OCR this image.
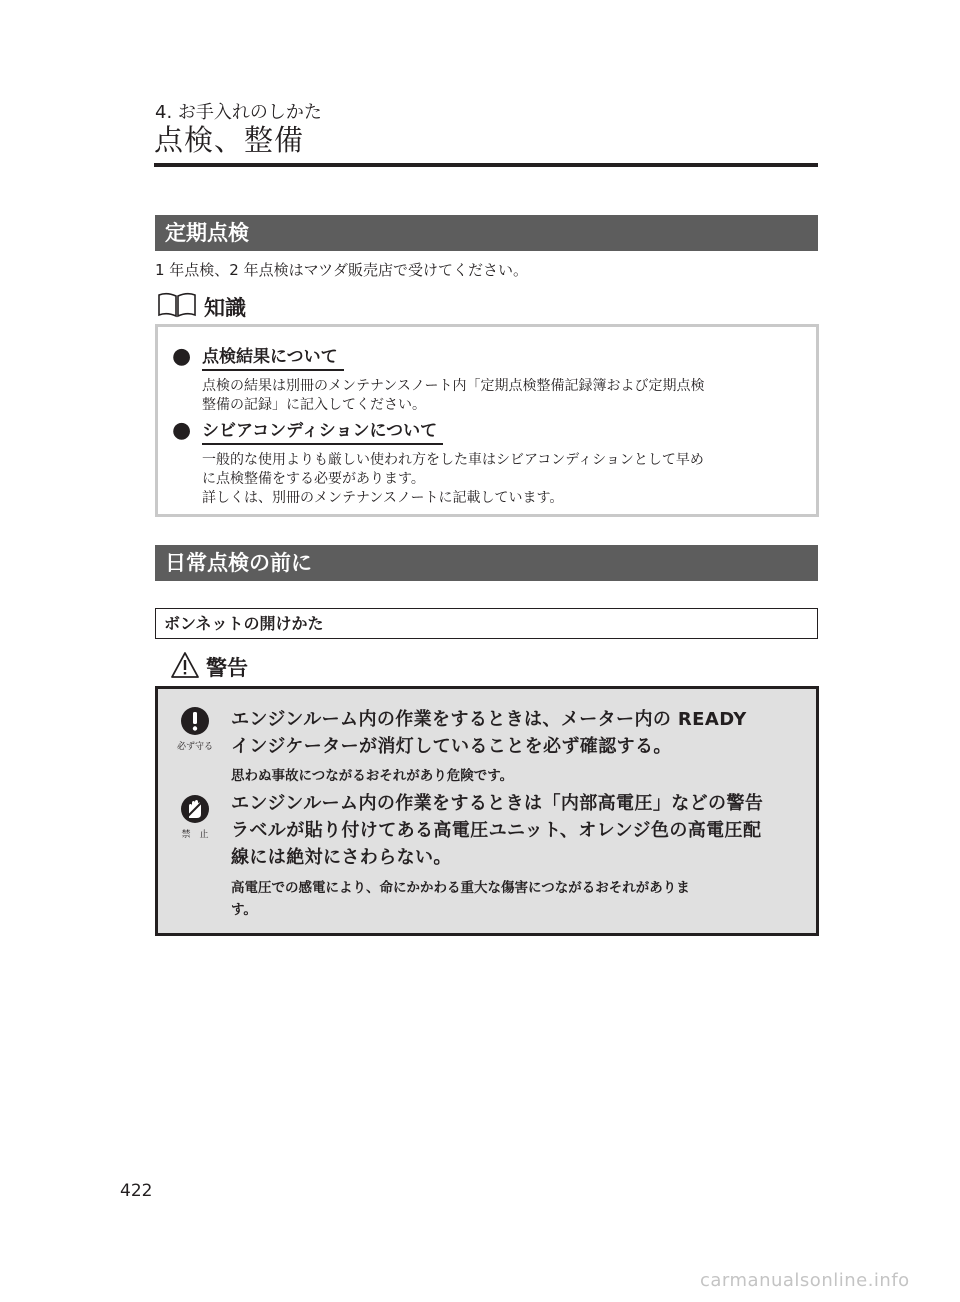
4. お手入れのしかた
点検、整備
定期点検
1 年点検、2 年点検はマツダ販売店で受けてください。
知識
● 点検結果について
点検の結果は別冊のメンテナンスノート内「定期点検整備記録簿および定期点検
整備の記録」に記入してください。
● シビアコンディションについて
一般的な使用よりも厳しい使われ方をした車はシビアコンディションとして早め
に点検整備をする必要があります。
詳しくは、別冊のメンテナンスノートに記載しています。
日常点検の前に
ボンネットの開けかた
警告
必ず守る
エンジンルーム内の作業をするときは、メーター内の READY
インジケーターが消灯していることを必ず確認する。
思わぬ事故につながるおそれがあり危険です。
禁　止
エンジンルーム内の作業をするときは「内部高電圧」などの警告
ラベルが貼り付けてある高電圧ユニット、オレンジ色の高電圧配
線には絶対にさわらない。
高電圧での感電により、命にかかわる重大な傷害につながるおそれがありま
す。
422
carmanualsonline.info
